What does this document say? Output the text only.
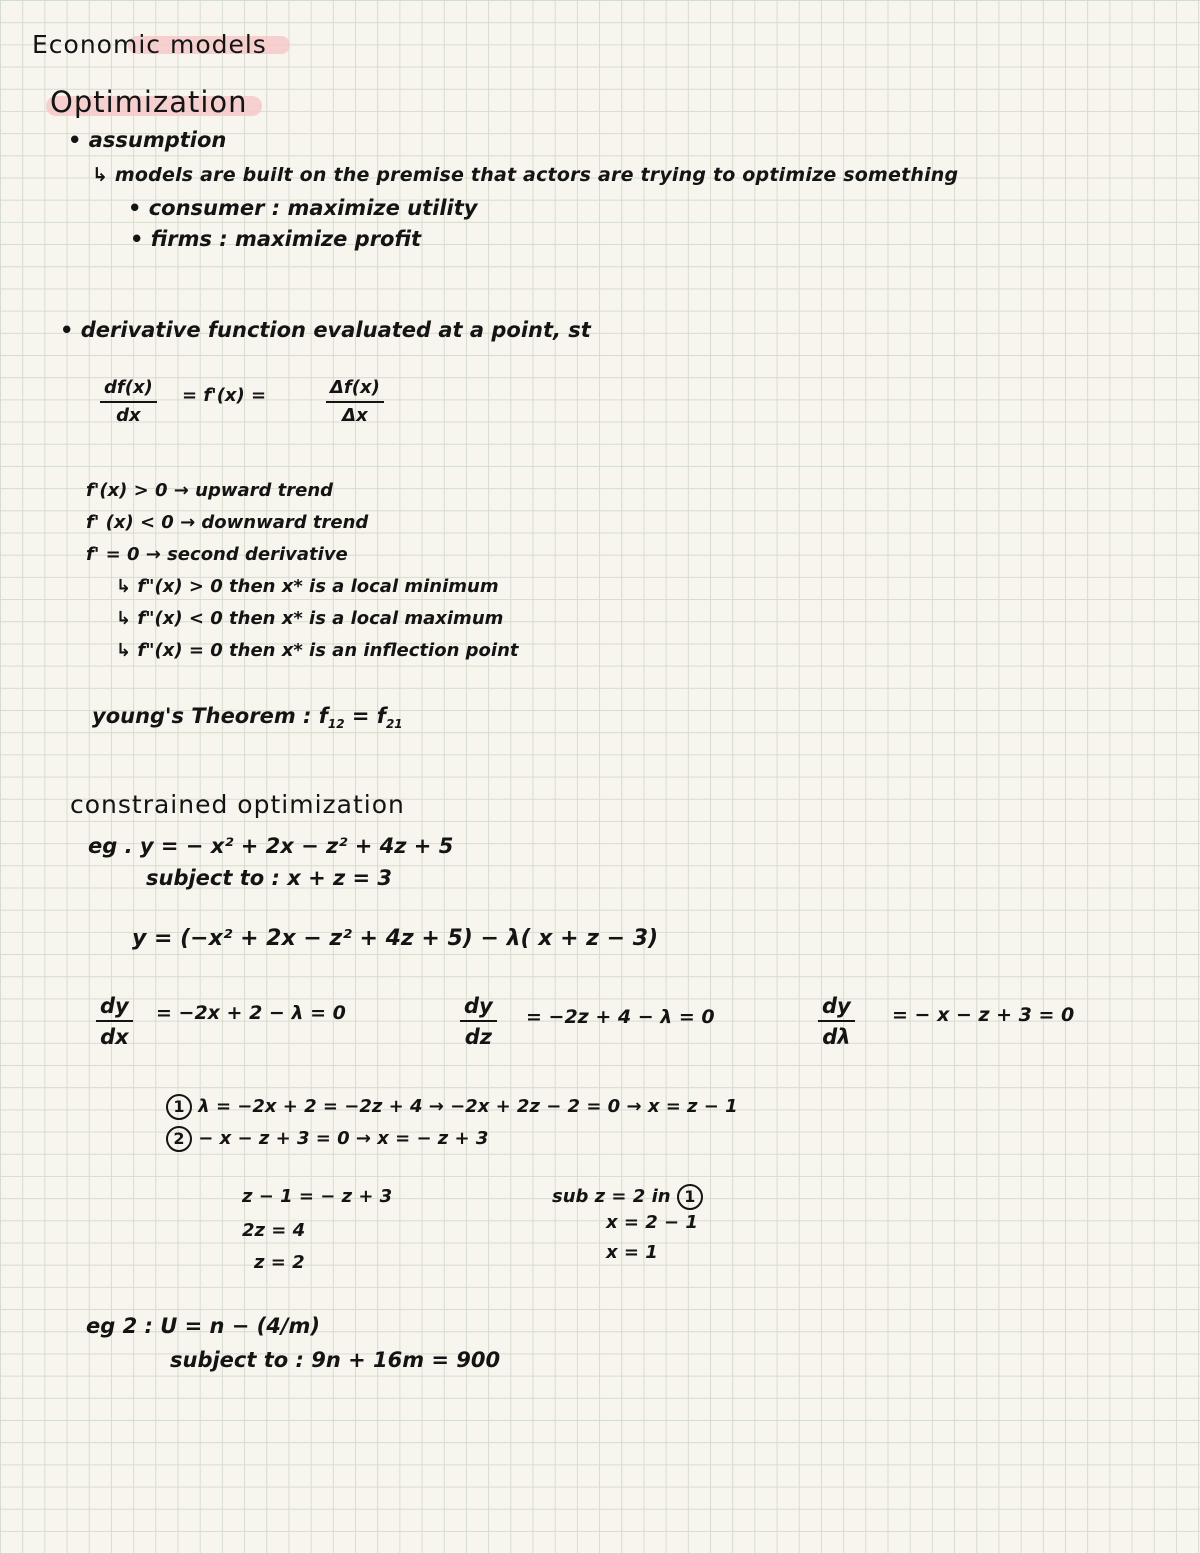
Economic models
Optimization
• assumption
↳ models are built on the premise that actors are trying to optimize something
• consumer : maximize utility
• firms : maximize profit
• derivative function evaluated at a point, st
$\frac{df(x)}{dx} = f'(x)$ =	$\frac{\Delta f(x)}{\Delta x}$
f'(x) > 0 → upward trend
f' (x) < 0 → downward trend
f' = 0 → second derivative
↳ f"(x) > 0 then x* is a local minimum
↳ f"(x) < 0 then x* is a local maximum
↳ f"(x) = 0 then x* is an inflection point
young's Theorem : $f_{12} = f_{21}$
constrained optimization
eg . y = − x² + 2x − z² + 4z + 5
subject to : x + z = 3
y = (−x² + 2x − z² + 4z + 5) − λ( x + z − 3)
$\frac{dy}{dx} = -2x + 2 - \lambda = 0$	$\frac{dy}{dz} = -2z + 4 - \lambda = 0$	$\frac{dy}{d\lambda}$ = − x − z + 3 = 0
1 λ = −2x + 2 = −2z + 4 → −2x + 2z − 2 = 0 → x = z − 1
2 − x − z + 3 = 0 → x = − z + 3
z − 1 = − z + 3
2z = 4
z = 2
sub z = 2 in 1
x = 2 − 1
x = 1
eg 2 : U = n − (4/m)
subject to : 9n + 16m = 900
